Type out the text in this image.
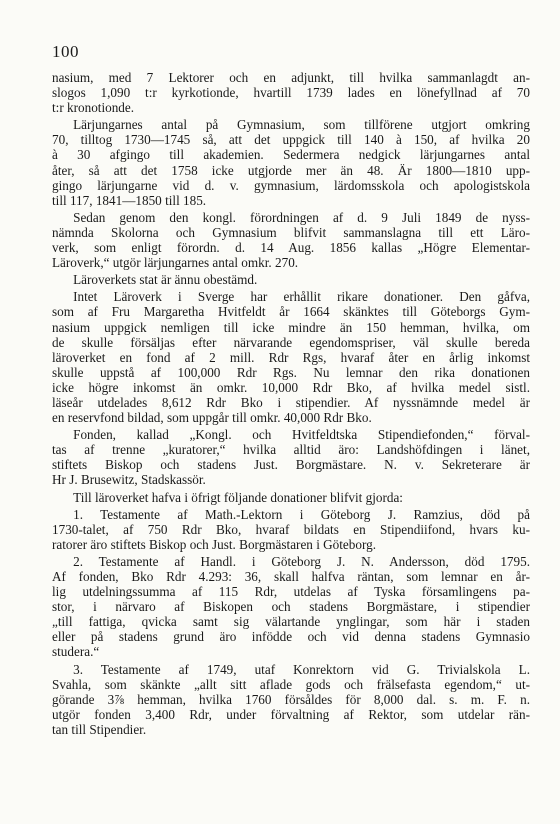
100
nasium, med 7 Lektorer och en adjunkt, till hvilka sammanlagdt an-
slogos 1,090 t:r kyrkotionde, hvartill 1739 lades en lönefyllnad af 70
t:r kronotionde.
Lärjungarnes antal på Gymnasium, som tillförene utgjort omkring
70, tilltog 1730—1745 så, att det uppgick till 140 à 150, af hvilka 20
à 30 afgingo till akademien. Sedermera nedgick lärjungarnes antal
åter, så att det 1758 icke utgjorde mer än 48. Är 1800—1810 upp-
gingo lärjungarne vid d. v. gymnasium, lärdomsskola och apologistskola
till 117, 1841—1850 till 185.
Sedan genom den kongl. förordningen af d. 9 Juli 1849 de nyss-
nämnda Skolorna och Gymnasium blifvit sammanslagna till ett Läro-
verk, som enligt förordn. d. 14 Aug. 1856 kallas „Högre Elementar-
Läroverk,“ utgör lärjungarnes antal omkr. 270.
Läroverkets stat är ännu obestämd.
Intet Läroverk i Sverge har erhållit rikare donationer. Den gåfva,
som af Fru Margaretha Hvitfeldt år 1664 skänktes till Göteborgs Gym-
nasium uppgick nemligen till icke mindre än 150 hemman, hvilka, om
de skulle försäljas efter närvarande egendomspriser, väl skulle bereda
läroverket en fond af 2 mill. Rdr Rgs, hvaraf åter en årlig inkomst
skulle uppstå af 100,000 Rdr Rgs. Nu lemnar den rika donationen
icke högre inkomst än omkr. 10,000 Rdr Bko, af hvilka medel sistl.
läseår utdelades 8,612 Rdr Bko i stipendier. Af nyssnämnde medel är
en reservfond bildad, som uppgår till omkr. 40,000 Rdr Bko.
Fonden, kallad „Kongl. och Hvitfeldtska Stipendiefonden,“ förval-
tas af trenne „kuratorer,“ hvilka alltid äro: Landshöfdingen i länet,
stiftets Biskop och stadens Just. Borgmästare. N. v. Sekreterare är
Hr J. Brusewitz, Stadskassör.
Till läroverket hafva i öfrigt följande donationer blifvit gjorda:
1. Testamente af Math.-Lektorn i Göteborg J. Ramzius, död på
1730-talet, af 750 Rdr Bko, hvaraf bildats en Stipendiifond, hvars ku-
ratorer äro stiftets Biskop och Just. Borgmästaren i Göteborg.
2. Testamente af Handl. i Göteborg J. N. Andersson, död 1795.
Af fonden, Bko Rdr 4.293: 36, skall halfva räntan, som lemnar en år-
lig utdelningssumma af 115 Rdr, utdelas af Tyska församlingens pa-
stor, i närvaro af Biskopen och stadens Borgmästare, i stipendier
„till fattiga, qvicka samt sig välartande ynglingar, som här i staden
eller på stadens grund äro infödde och vid denna stadens Gymnasio
studera.“
3. Testamente af 1749, utaf Konrektorn vid G. Trivialskola L.
Svahla, som skänkte „allt sitt aflade gods och frälsefasta egendom,“ ut-
görande 3⅞ hemman, hvilka 1760 försåldes för 8,000 dal. s. m. F. n.
utgör fonden 3,400 Rdr, under förvaltning af Rektor, som utdelar rän-
tan till Stipendier.
